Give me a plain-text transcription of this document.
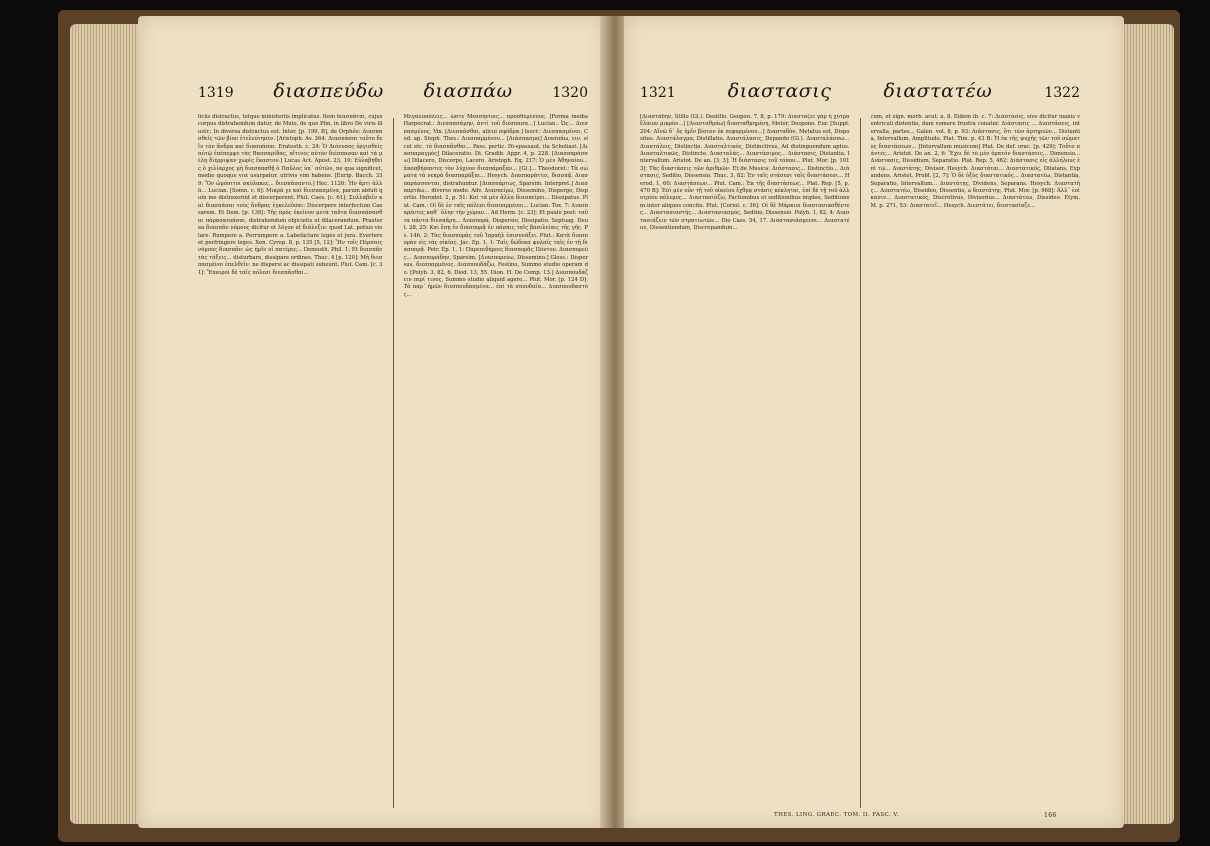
1319 διασπεύδω διασπάω	1320
liciis distractus, totque ministeriis implicatus. Item διασπᾶται, cujus corpus distrahendum datur, de Mulo, de quo Plin. in libro De viris illustr.: In diversa distractus est. Inter. [p. 199, B], de Orphée: Διασπασθείς τῶν βίον ἐτελεύτησεν. [Aristoph. Av. 364: Διασπάσαι τοῦτο δεῖν τὸν ἄνδρα καὶ διασπάσαι. Eratosth. c. 24: Ὁ Διόνυσος ὀργισθεὶς αὐτῷ ἐπέπεμψε τὰς Βασσαρίδας, αἵτινες αὐτὸν διέσπασαν καὶ τὰ μέλη διέρριψαν χωρὶς ἕκαστον.] Lucas Act. Apost. 23, 10: Εὐλαβηθεὶς ὁ χιλίαρχος μὴ διασπασθῇ ὁ Παῦλος ὑπ᾽ αὐτῶν, ne qua significet, medio quoque vox usurpatur, utrivis vim habens. [Eurip. Bacch. 339: Ὃν ὠμόσιτοι σκύλακες... διεσπάσαντο.] Hec. 1126: Ἦν ἄρτι ἀλλὰ... Lucian. [Somn. c. 6]: Μικρὰ γε καὶ διεσπασμένα, parum abfuit quin me distraxerint et discerperent. Plut. Caes. [c. 61]: Συλλαβεῖν καὶ διασπάσαι τοὺς ἄνδρας ἐγκελεῦσαι: Discerpere interfectum Caesarem. Et Dem. [p. 136]: Τὴς πρὸς ἐκεῖνον μετὰ ταῦτα διασπάσασθαι παρασκευάσαι, distrahendum objicietis et dilacerandum. Praeterea διασπᾶν νόμους dicitur et λόγον et διάλεξιν: quod Lat. potius violare. Rumpere a. Perrumpere a. Labefactare leges et jura. Evertere et perfringere leges. Xen. Cyrop. 8, p. 135 [5, 12]: Ἤν τοῖς Πέρσαις νόμους διασπᾶν: ὡς ἡμῖν οἱ πατέρες... Demosth. Phil. 1: Et διασπᾶν τὰς τάξεις... disturbare, dissipare ordines. Thuc. 4 [p. 120]: Μὴ διεσπασμένοι ἐπελθεῖν: ne dispersi ac dissipati subeunt. Plut. Cam. [c. 31]: Ἔπαιροὶ δὲ ταῖς πόλεσι διεσπᾶσθαι...
Μεγαλοπόλεις... ὥστε Μεσσηνίοις... προσθεμένους. [Forma media Harpocrat.: Διεσπασάμην, ἀντὶ τοῦ διέσπασα...] Lucian.: Ὡς... Διεσπασμένος, Vix. [Διεσπάσθαι, alicui σφόδρα.] Isocr.: Διεσπασμένοι, Cod. ap. Steph. Thes.: Διεσπαρμένου... [Διάσπασμα] Διασπάω, ειν. sicut etc. τὸ διασπᾶσθαι... Pass. pertic. Di-spassaut, ita Scholiast. [Διασπαραγμὸς] Dilaceratio. Di. Gradib. Appr. 4, p. 228. [Διασπαράσσω] Dilacero, Discerpo, Lacero. Aristoph. Eq. 217: Ὁ μὲν Ἀθηναίου... ἀποσβήσαντες τὸν λύχνον διεσπάραξαν... [Gl.]... Theodoret.: Τὰ σώματα τὰ νεκρὰ διασπαράξαι... Hesych. Διασπαράττει, διασπᾷ. Διασπαράσσονται, distrahuntur. [Διασπάρτως, Sparsim. Interpret.] Διασπαρτάω... diverso modo. Adv. Διασπείρω, Dissemino, Dispergo, Dispertio. Herodot. 2, p. 51: Καὶ τὰ μὲν ἄλλα διασπείρει... Dissipatus. Plut. Cam.: Οἱ δὲ ἐν ταῖς πόλεσι διεσπαρμένοι... Lucian. Tox. 7: Διασπαρέντες καθ᾽ ὅλην τὴν χώραν... Ad Herm. [c. 23]: Et paulo post: ταῦτα πάντα διεσπάρη... Διασπορά, Dispersio, Dissipatio. Septuag. Deut. 28, 25: Καὶ ἔσῃ ἐν διασπορᾷ ἐν πάσαις ταῖς βασιλείαις τῆς γῆς. Ps. 146, 2: Τὰς διασπορὰς τοῦ Ἰσραὴλ ἐπισυνάξει. Plut.: Κατὰ διασπορὰν εἰς τὰς οἰκίας. Jac. Ep. 1, 1: Ταῖς δώδεκα φυλαῖς ταῖς ἐν τῇ διασπορᾷ. Petr. Ep. 1, 1: Παρεπιδήμοις διασπορᾶς Πόντου. Διασπορεύς... Διασποράδην, Sparsim. [Διασπορεύω, Dissemino.] Gloss.: Dispersus, διεσπαρμένος. Διασπουδάζω, Festino, Summo studio operam do. [Polyb. 3, 82, 6. Diod. 13, 55. Dion. H. De Comp. 13.] Διασπουδάζειν περί τινος, Summo studio aliquid agere... Plut. Mor. [p. 124 D]: Τὰ παρ᾽ ἡμῶν διεσπουδασμένα... ἐπὶ τὰ σπουδαῖα... Διασπουδαστός...
1321	διαστασις	διαστατέω	1322
[Διαστάδην, Stillo (Gl.). Destillo. Geopon. 7, 8, p. 179: Διαστάζει γὰρ ἡ χύτρα ἔλαιον μικρὸν...] [Διασταθμάω] διασταθμημένη, Metor, Despono. Eur. [Suppl. 204: Αἴνῶ δ᾽ ὃς ἡμῖν βίοτον ἐκ πεφυρμένου...] Διασταδὸν, Metatus est, Dispositus. Διαστάλαγμα, Distillatio. Διαστάλασις, Depando (Gl.). Διασταλάσσω... Διαστάλεις, Distinctio. Διασταλτικός, Distinctivus, Ad distinguendum aptus. Διασταλτικῶς, Distincte. Διασταλὰς... Διαστάσιμος... Διάστασις, Distantia, Intervallum. Aristot. De an. [3, 3]: Ἡ διάστασις τοῦ τόπου... Plut. Mor. [p. 1013]: Τὰς διαστάσεις τῶν ἀριθμῶν. Et de Musica: Διάστασις... Distinctio... Διάστασις, Seditio, Dissensio. Thuc. 3, 82: Ἐν ταῖς στάσεσι ταῖς διαστάσεσι... Herod. 1, 60: Διαστάσεων... Plut. Cam.: Ἐκ τῆς διαστάσεως... Plat. Rep. [5, p. 470 B]: Ἐπὶ μὲν οὖν τῇ τοῦ οἰκείου ἔχθρᾳ στάσις κέκληται, ἐπὶ δὲ τῇ τοῦ ἀλλοτρίου πόλεμος... Διαστασιάζω, Factionibus et seditionibus impleo, Seditionem inter aliquos concito. Plut. [Coriol. c. 36]: Οἱ δὲ Μάρκιοι διαστασιασθέντες... Διαστασιαστής... Διαστασιασμός, Seditio, Dissensio. Polyb. 1, 82, 4: Διαστασιάζειν τῶν στρατιωτῶν... Dio Cass. 54, 17. Διαστασιάσμενοι... Διαστατέον, Dissentiendum, Discrepandum...
cum, et sign. morb. acut. a, 8. Eidem ib. c. 7: Διάστασις, sive dicitur inanis ventriculi distentio, dum vomere frustra conatur. Διάστασις ... Διαστάσεις, intervalla, partes... Galen. vol. 8, p. 93: Διάστασις, ὅτι τῶν ἀρτηριῶν... Distantia, Intervallum, Amplitudo. Plat. Tim. p. 43 B: Ἡ ἐκ τῆς ψυχῆς τῶν τοῦ σώματος διαστάσεων... [Intervallum musicum] Plut. De def. orac. [p. 429]: Τοῦτο πάντες... Aristot. De an. 2, 6: Ἔχει δὲ τὸ μὲν ὁρατὸν διαστάσεις... Dimensio... Διάστασις, Dissidium, Separatio. Plat. Rep. 5, 462: Διάστασις εἰς ἀλλήλους ἐπὶ τῷ... Διαστάτης, Divisor. Hesych. Διαστάται... Διαστατικός, Dilatans, Expandens. Aristot. Probl. [2, 7]: Ὁ δὲ ὀξὺς διαστατικός... Διαστατέω, Distantia, Separatio, Intervallum... Διαστάτης, Dividens, Separans. Hesych. Διαστατὴς... Διαστατέω, Dissideo, Dissentio, a διαστάτης. Plut. Mor. [p. 968]: Ἀλλ᾽ ἐοίκασιν... Διαστατικός, Discretivus, Divisorius... Διαστάτεω, Dissideo. Etym. M. p. 271, 53: Διαστατεῖ... Hesych. Διεστάτει, διεστασίαζε...
THES. LING. GRAEC. TOM. II. FASC. V.	166
